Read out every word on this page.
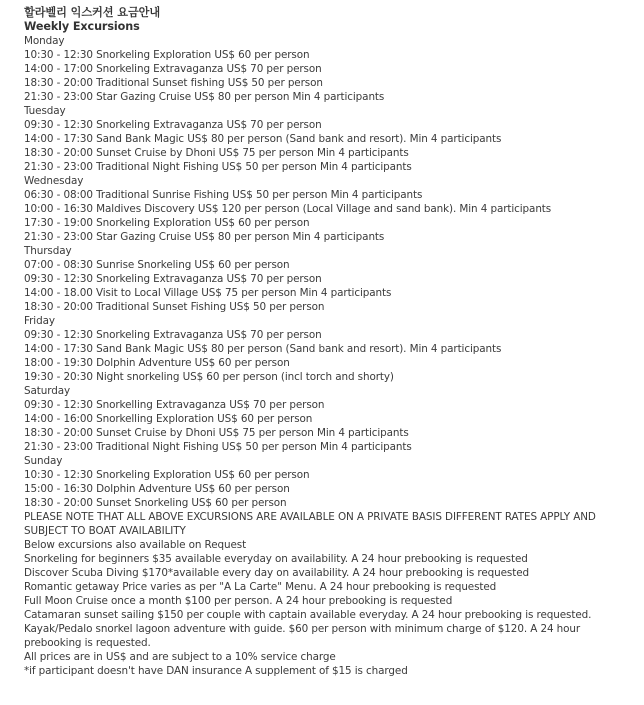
할라벨리 익스커션 요금안내
Weekly Excursions
Monday
10:30 - 12:30 Snorkeling Exploration US$ 60 per person
14:00 - 17:00 Snorkeling Extravaganza US$ 70 per person
18:30 - 20:00 Traditional Sunset fishing US$ 50 per person
21:30 - 23:00 Star Gazing Cruise US$ 80 per person Min 4 participants
Tuesday
09:30 - 12:30 Snorkeling Extravaganza US$ 70 per person
14:00 - 17:30 Sand Bank Magic US$ 80 per person (Sand bank and resort). Min 4 participants
18:30 - 20:00 Sunset Cruise by Dhoni US$ 75 per person Min 4 participants
21:30 - 23:00 Traditional Night Fishing US$ 50 per person Min 4 participants
Wednesday
06:30 - 08:00 Traditional Sunrise Fishing US$ 50 per person Min 4 participants
10:00 - 16:30 Maldives Discovery US$ 120 per person (Local Village and sand bank). Min 4 participants
17:30 - 19:00 Snorkeling Exploration US$ 60 per person
21:30 - 23:00 Star Gazing Cruise US$ 80 per person Min 4 participants
Thursday
07:00 - 08:30 Sunrise Snorkeling US$ 60 per person
09:30 - 12:30 Snorkeling Extravaganza US$ 70 per person
14:00 - 18.00 Visit to Local Village US$ 75 per person Min 4 participants
18:30 - 20:00 Traditional Sunset Fishing US$ 50 per person
Friday
09:30 - 12:30 Snorkeling Extravaganza US$ 70 per person
14:00 - 17:30 Sand Bank Magic US$ 80 per person (Sand bank and resort). Min 4 participants
18:00 - 19:30 Dolphin Adventure US$ 60 per person
19:30 - 20:30 Night snorkeling US$ 60 per person (incl torch and shorty)
Saturday
09:30 - 12:30 Snorkelling Extravaganza US$ 70 per person
14:00 - 16:00 Snorkelling Exploration US$ 60 per person
18:30 - 20:00 Sunset Cruise by Dhoni US$ 75 per person Min 4 participants
21:30 - 23:00 Traditional Night Fishing US$ 50 per person Min 4 participants
Sunday
10:30 - 12:30 Snorkeling Exploration US$ 60 per person
15:00 - 16:30 Dolphin Adventure US$ 60 per person
18:30 - 20:00 Sunset Snorkeling US$ 60 per person
PLEASE NOTE THAT ALL ABOVE EXCURSIONS ARE AVAILABLE ON A PRIVATE BASIS DIFFERENT RATES APPLY AND SUBJECT TO BOAT AVAILABILITY
Below excursions also available on Request
Snorkeling for beginners $35 available everyday on availability. A 24 hour prebooking is requested
Discover Scuba Diving $170*available every day on availability. A 24 hour prebooking is requested
Romantic getaway Price varies as per "A La Carte" Menu. A 24 hour prebooking is requested
Full Moon Cruise once a month $100 per person. A 24 hour prebooking is requested
Catamaran sunset sailing $150 per couple with captain available everyday. A 24 hour prebooking is requested.
Kayak/Pedalo snorkel lagoon adventure with guide. $60 per person with minimum charge of $120. A 24 hour prebooking is requested.
All prices are in US$ and are subject to a 10% service charge
*if participant doesn't have DAN insurance A supplement of $15 is charged
